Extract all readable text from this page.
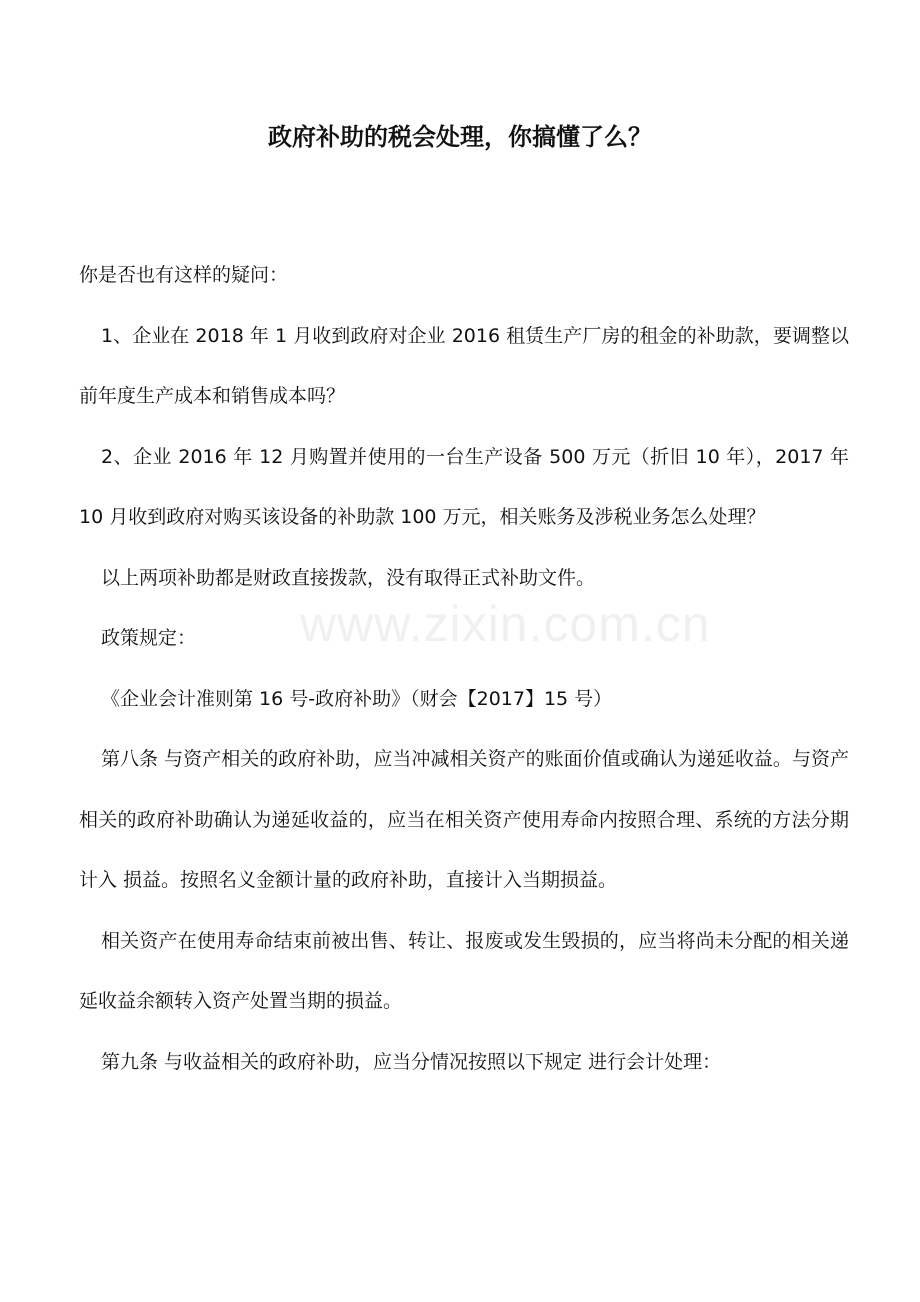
政府补助的税会处理，你搞懂了么？
www.zixin.com.cn

你是否也有这样的疑问：

1、企业在 2018 年 1 月收到政府对企业 2016 租赁生产厂房的租金的补助款，要调整以前年度生产成本和销售成本吗？

2、企业 2016 年 12 月购置并使用的一台生产设备 500 万元（折旧 10 年），2017 年 10 月收到政府对购买该设备的补助款 100 万元，相关账务及涉税业务怎么处理？

以上两项补助都是财政直接拨款，没有取得正式补助文件。

政策规定：

《企业会计准则第 16 号-政府补助》（财会【2017】15 号）

第八条 与资产相关的政府补助，应当冲减相关资产的账面价值或确认为递延收益。与资产相关的政府补助确认为递延收益的，应当在相关资产使用寿命内按照合理、系统的方法分期计入 损益。按照名义金额计量的政府补助，直接计入当期损益。

相关资产在使用寿命结束前被出售、转让、报废或发生毁损的，应当将尚未分配的相关递延收益余额转入资产处置当期的损益。

第九条 与收益相关的政府补助，应当分情况按照以下规定 进行会计处理：
